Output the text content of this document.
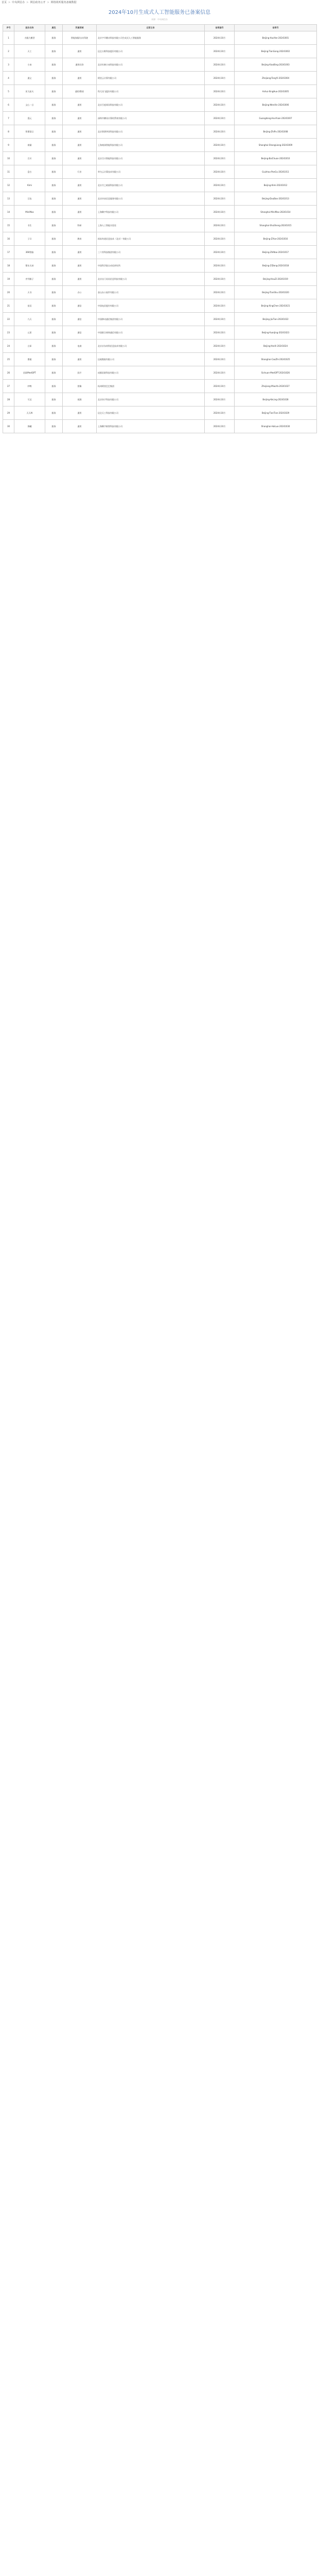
首页 > 中央网信办 > 网信政务公开 > 网络视听服务备案数据
2024年10月生成式人工智能服务已备案信息
来源：中央网信办
序号	服务名称	属性	所属领域	运营主体	备案编号	备案号
1	火眼大模型	服务	智能客服/自动驾驶	北京字节跳动科技有限公司生成式人工智能服务	2024年10月	Beijing-HuoYan-20241001
2	天工	服务	通用	昆仑万维科技股份有限公司	2024年10月	Beijing-TianGong-20241002
3	小冰	服务	通用问答	北京红棉小冰科技有限公司	2024年10月	Beijing-XiaoBing-20241003
4	通义	服务	通用	阿里云计算有限公司	2024年10月	Zhejiang-TongYi-20241004
5	讯飞星火	服务	通用/教育	科大讯飞股份有限公司	2024年10月	Anhui-XingHuo-20241005
6	文心一言	服务	通用	北京百度网讯科技有限公司	2024年10月	Beijing-WenXin-20241006
7	混元	服务	通用	深圳市腾讯计算机系统有限公司	2024年10月	Guangdong-HunYuan-20241007
8	智谱清言	服务	通用	北京智谱华章科技有限公司	2024年10月	Beijing-ZhiPu-20241008
9	商量	服务	通用	上海商汤智能科技有限公司	2024年10月	Shanghai-ShangLiang-20241009
10	百川	服务	通用	北京百川智能科技有限公司	2024年10月	Beijing-BaiChuan-20241010
11	盘古	服务	行业	华为云计算技术有限公司	2024年10月	Guizhou-PanGu-20241011
12	Kimi	服务	通用	北京月之暗面科技有限公司	2024年10月	Beijing-Kimi-20241012
13	豆包	服务	通用	北京抖音信息服务有限公司	2024年10月	Beijing-DouBao-20241013
14	MiniMax	服务	通用	上海稀宇科技有限公司	2024年10月	Shanghai-MiniMax-20241014
15	书生	服务	科研	上海人工智能实验室	2024年10月	Shanghai-ShuSheng-20241015
16	子曰	服务	教育	网易有道信息技术（北京）有限公司	2024年10月	Beijing-ZiYue-20241016
17	360智脑	服务	通用	三六零科技集团有限公司	2024年10月	Beijing-ZhiNao-20241017
18	紫东太初	服务	通用	中国科学院自动化研究所	2024年10月	Beijing-ZiDong-20241018
19	序列猴子	服务	通用	北京出门问问信息科技有限公司	2024年10月	Beijing-HouZi-20241019
20	天书	服务	办公	金山办公软件有限公司	2024年10月	Beijing-TianShu-20241020
21	星辰	服务	通信	中国电信股份有限公司	2024年10月	Beijing-XingChen-20241021
22	九天	服务	通信	中国移动通信集团有限公司	2024年10月	Beijing-JiuTian-20241022
23	元景	服务	通信	中国联合网络通信有限公司	2024年10月	Beijing-YuanJing-20241023
24	言犀	服务	电商	北京京东尚科信息技术有限公司	2024年10月	Beijing-YanXi-20241024
25	曹植	服务	通用	达观数据有限公司	2024年10月	Shanghai-CaoZhi-20241025
26	医联MedGPT	服务	医疗	成都医联科技有限公司	2024年10月	Sichuan-MedGPT-20241026
27	妙鸭	服务	图像	杭州阿里巴巴集团	2024年10月	Zhejiang-MiaoYa-20241027
28	可灵	服务	视频	北京快手科技有限公司	2024年10月	Beijing-KeLing-20241028
29	天天AI	服务	通用	昆仑天工科技有限公司	2024年10月	Beijing-TianTian-20241029
30	海螺	服务	通用	上海稀宇极智科技有限公司	2024年10月	Shanghai-HaiLuo-20241030
